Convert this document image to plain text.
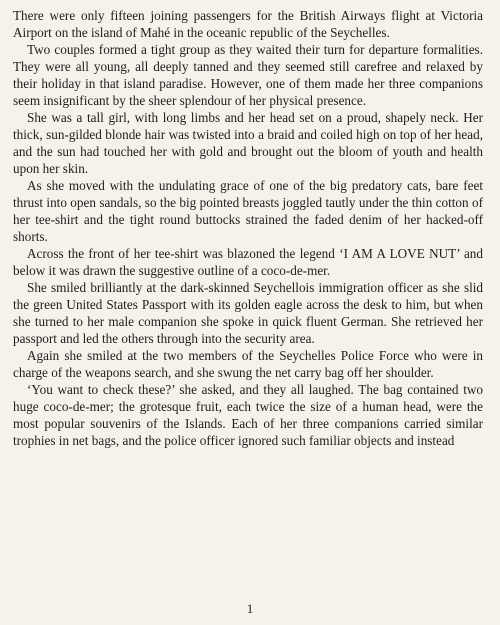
There were only fifteen joining passengers for the British Airways flight at Victoria Airport on the island of Mahé in the oceanic republic of the Seychelles.

Two couples formed a tight group as they waited their turn for departure formalities. They were all young, all deeply tanned and they seemed still carefree and relaxed by their holiday in that island paradise. However, one of them made her three companions seem insignificant by the sheer splendour of her physical presence.

She was a tall girl, with long limbs and her head set on a proud, shapely neck. Her thick, sun-gilded blonde hair was twisted into a braid and coiled high on top of her head, and the sun had touched her with gold and brought out the bloom of youth and health upon her skin.

As she moved with the undulating grace of one of the big predatory cats, bare feet thrust into open sandals, so the big pointed breasts joggled tautly under the thin cotton of her tee-shirt and the tight round buttocks strained the faded denim of her hacked-off shorts.

Across the front of her tee-shirt was blazoned the legend ‘I AM A LOVE NUT’ and below it was drawn the suggestive outline of a coco-de-mer.

She smiled brilliantly at the dark-skinned Seychellois immigration officer as she slid the green United States Passport with its golden eagle across the desk to him, but when she turned to her male companion she spoke in quick fluent German. She retrieved her passport and led the others through into the security area.

Again she smiled at the two members of the Seychelles Police Force who were in charge of the weapons search, and she swung the net carry bag off her shoulder.

‘You want to check these?’ she asked, and they all laughed. The bag contained two huge coco-de-mer; the grotesque fruit, each twice the size of a human head, were the most popular souvenirs of the Islands. Each of her three companions carried similar trophies in net bags, and the police officer ignored such familiar objects and instead

1
